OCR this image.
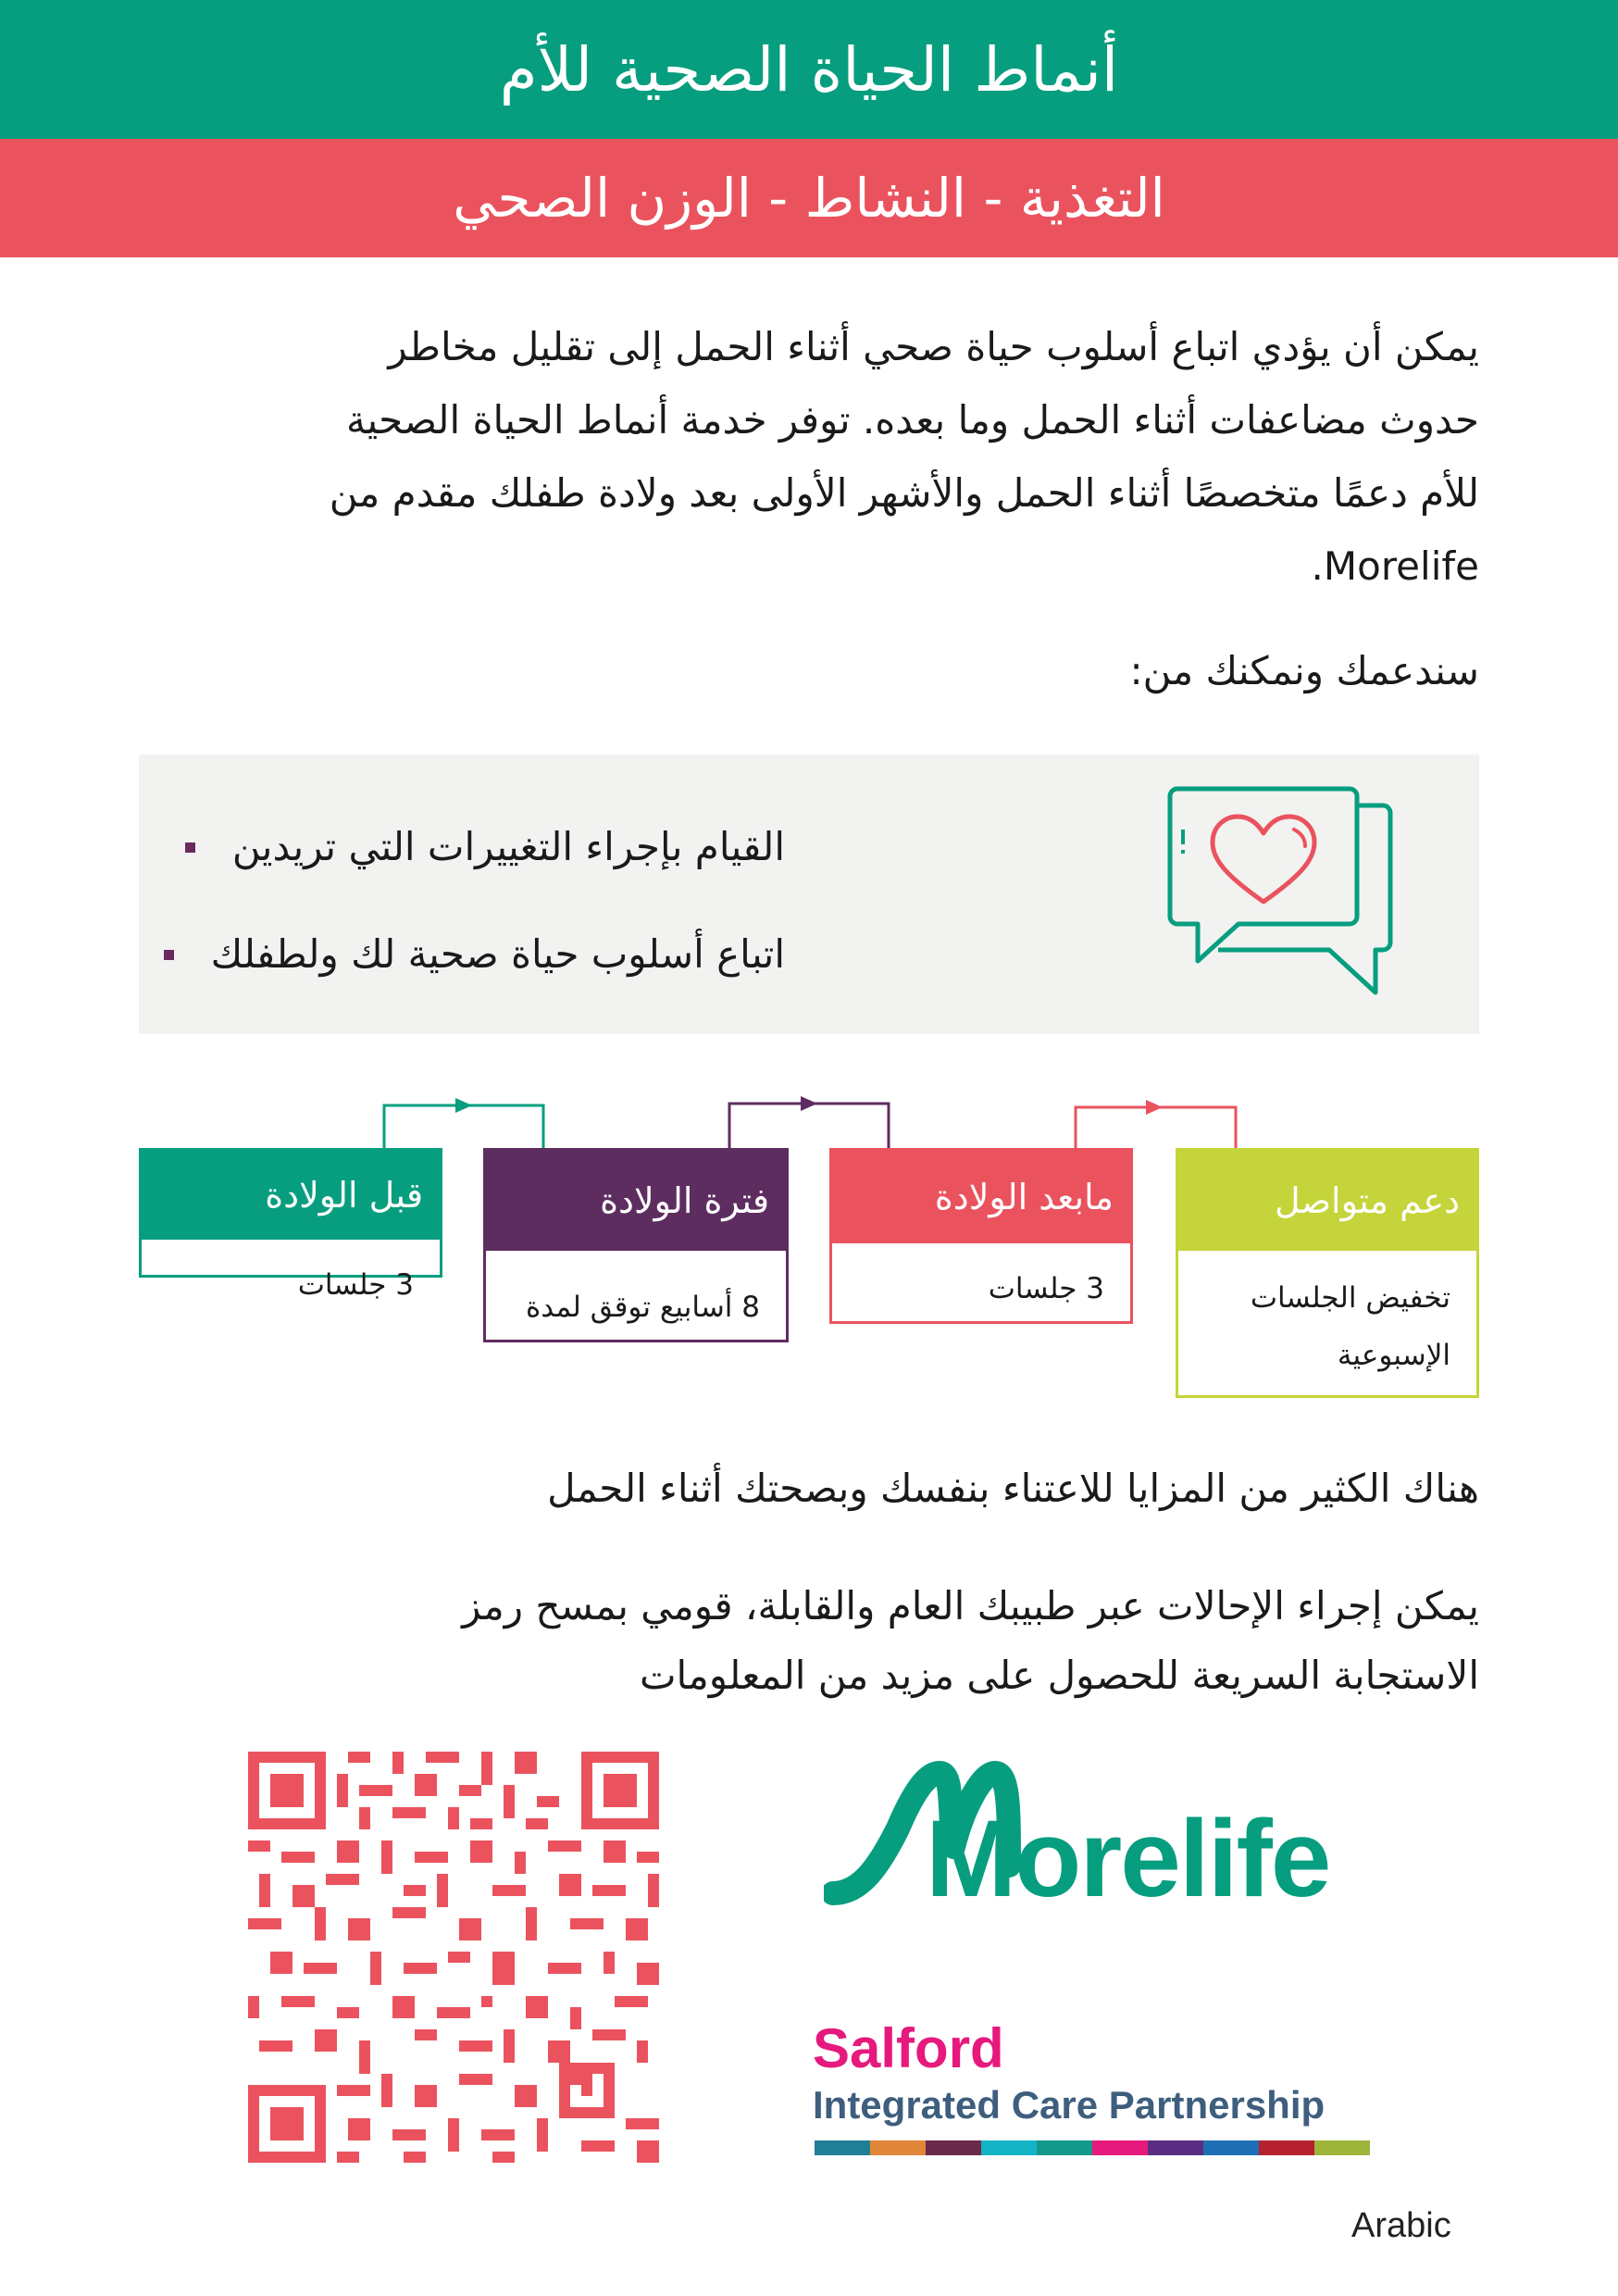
أنماط الحياة الصحية للأم
التغذية - النشاط - الوزن الصحي

يمكن أن يؤدي اتباع أسلوب حياة صحي أثناء الحمل إلى تقليل مخاطر حدوث مضاعفات أثناء الحمل وما بعده. توفر خدمة أنماط الحياة الصحية للأم دعمًا متخصصًا أثناء الحمل والأشهر الأولى بعد ولادة طفلك مقدم من Morelife.

سندعمك ونمكنك من:

القيام بإجراء التغييرات التي تريدين
اتباع أسلوب حياة صحية لك ولطفلك
قبل الولادة
3 جلسات
فترة الولادة
8 أسابيع توقق لمدة
مابعد الولادة
3 جلسات
دعم متواصل
تخفيض الجلسات الإسبوعية

هناك الكثير من المزايا للاعتناء بنفسك وبصحتك أثناء الحمل

يمكن إجراء الإحالات عبر طبيبك العام والقابلة، قومي بمسح رمز

الاستجابة السريعة للحصول على مزيد من المعلومات

Morelife
Salford
Integrated Care Partnership
Arabic
